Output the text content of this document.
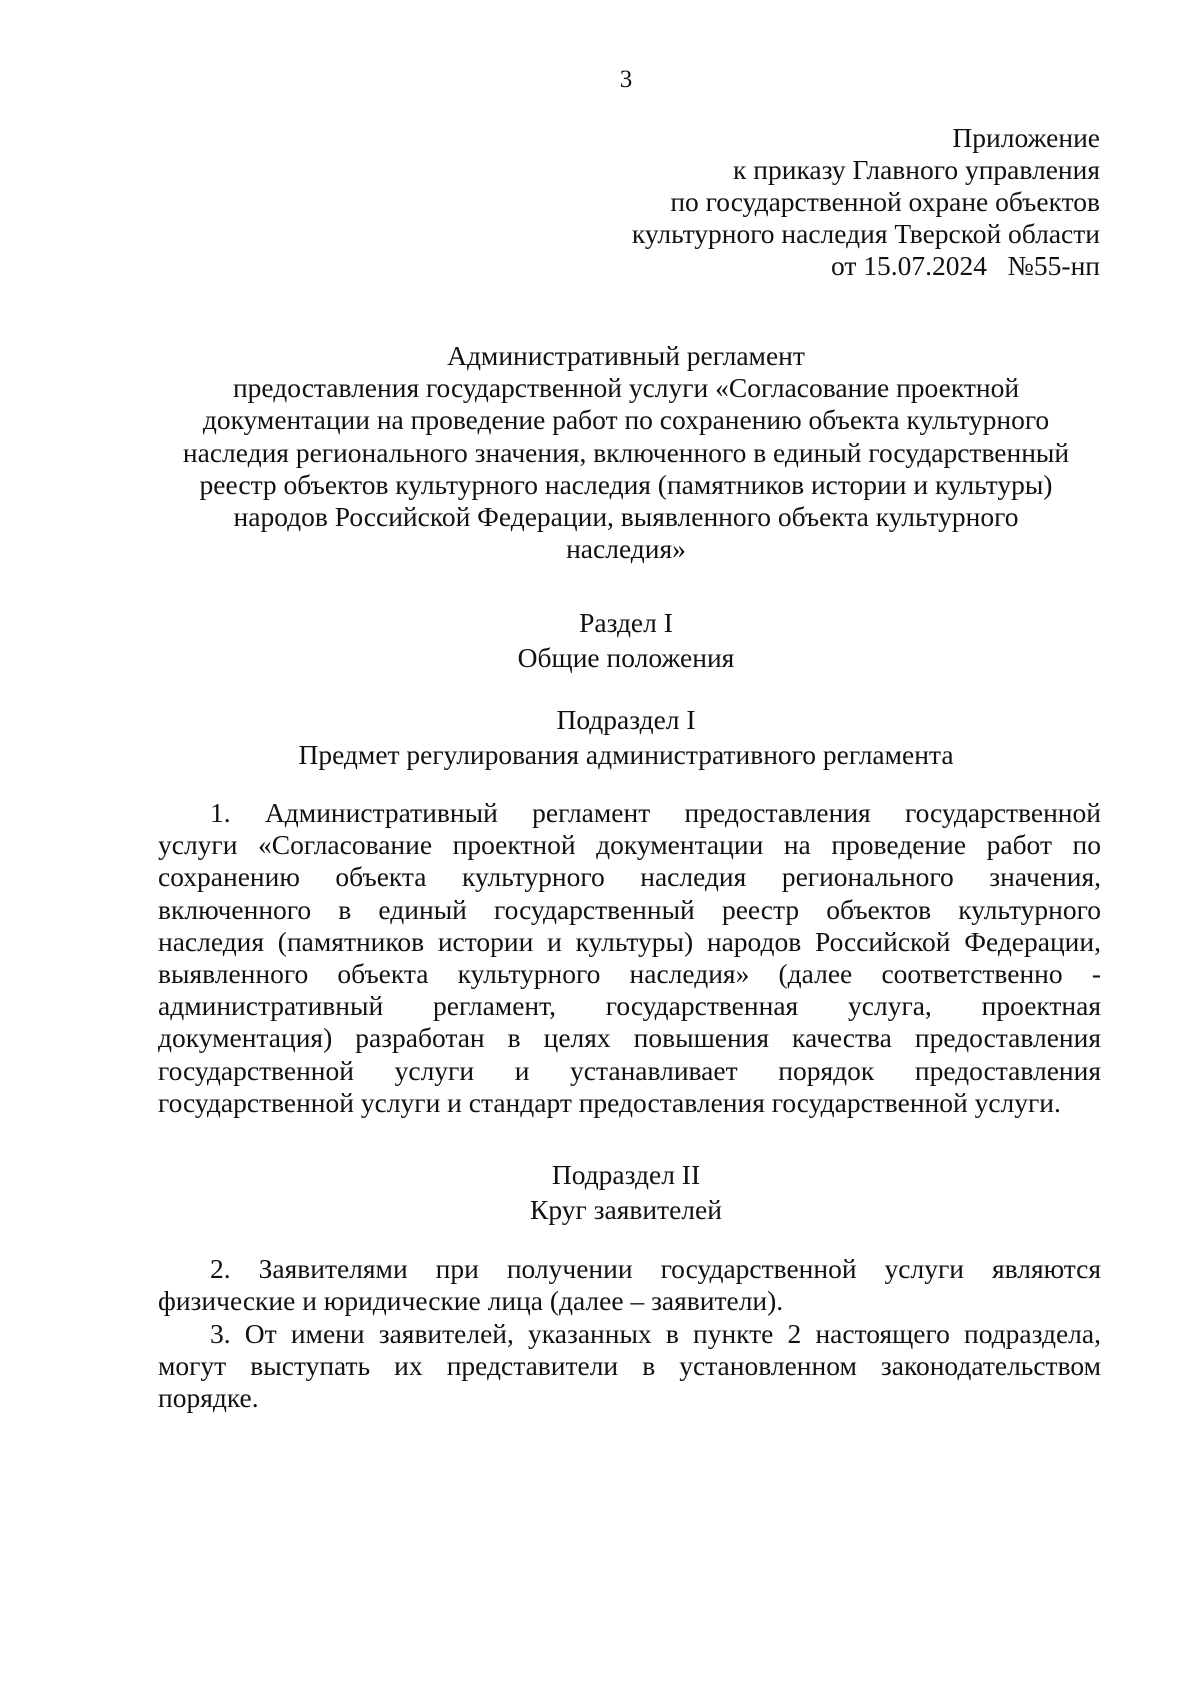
3
Приложение
к приказу Главного управления
по государственной охране объектов
культурного наследия Тверской области
от 15.07.2024   №55-нп
Административный регламент
предоставления государственной услуги «Согласование проектной
документации на проведение работ по сохранению объекта культурного
наследия регионального значения, включенного в единый государственный
реестр объектов культурного наследия (памятников истории и культуры)
народов Российской Федерации, выявленного объекта культурного
наследия»
Раздел I
Общие положения
Подраздел I
Предмет регулирования административного регламента
1. Административный регламент предоставления государственной
услуги «Согласование проектной документации на проведение работ по
сохранению объекта культурного наследия регионального значения,
включенного в единый государственный реестр объектов культурного
наследия (памятников истории и культуры) народов Российской Федерации,
выявленного объекта культурного наследия» (далее соответственно -
административный регламент, государственная услуга, проектная
документация) разработан в целях повышения качества предоставления
государственной услуги и устанавливает порядок предоставления
государственной услуги и стандарт предоставления государственной услуги.
Подраздел II
Круг заявителей
2. Заявителями при получении государственной услуги являются
физические и юридические лица (далее – заявители).
3. От имени заявителей, указанных в пункте 2 настоящего подраздела,
могут выступать их представители в установленном законодательством
порядке.
